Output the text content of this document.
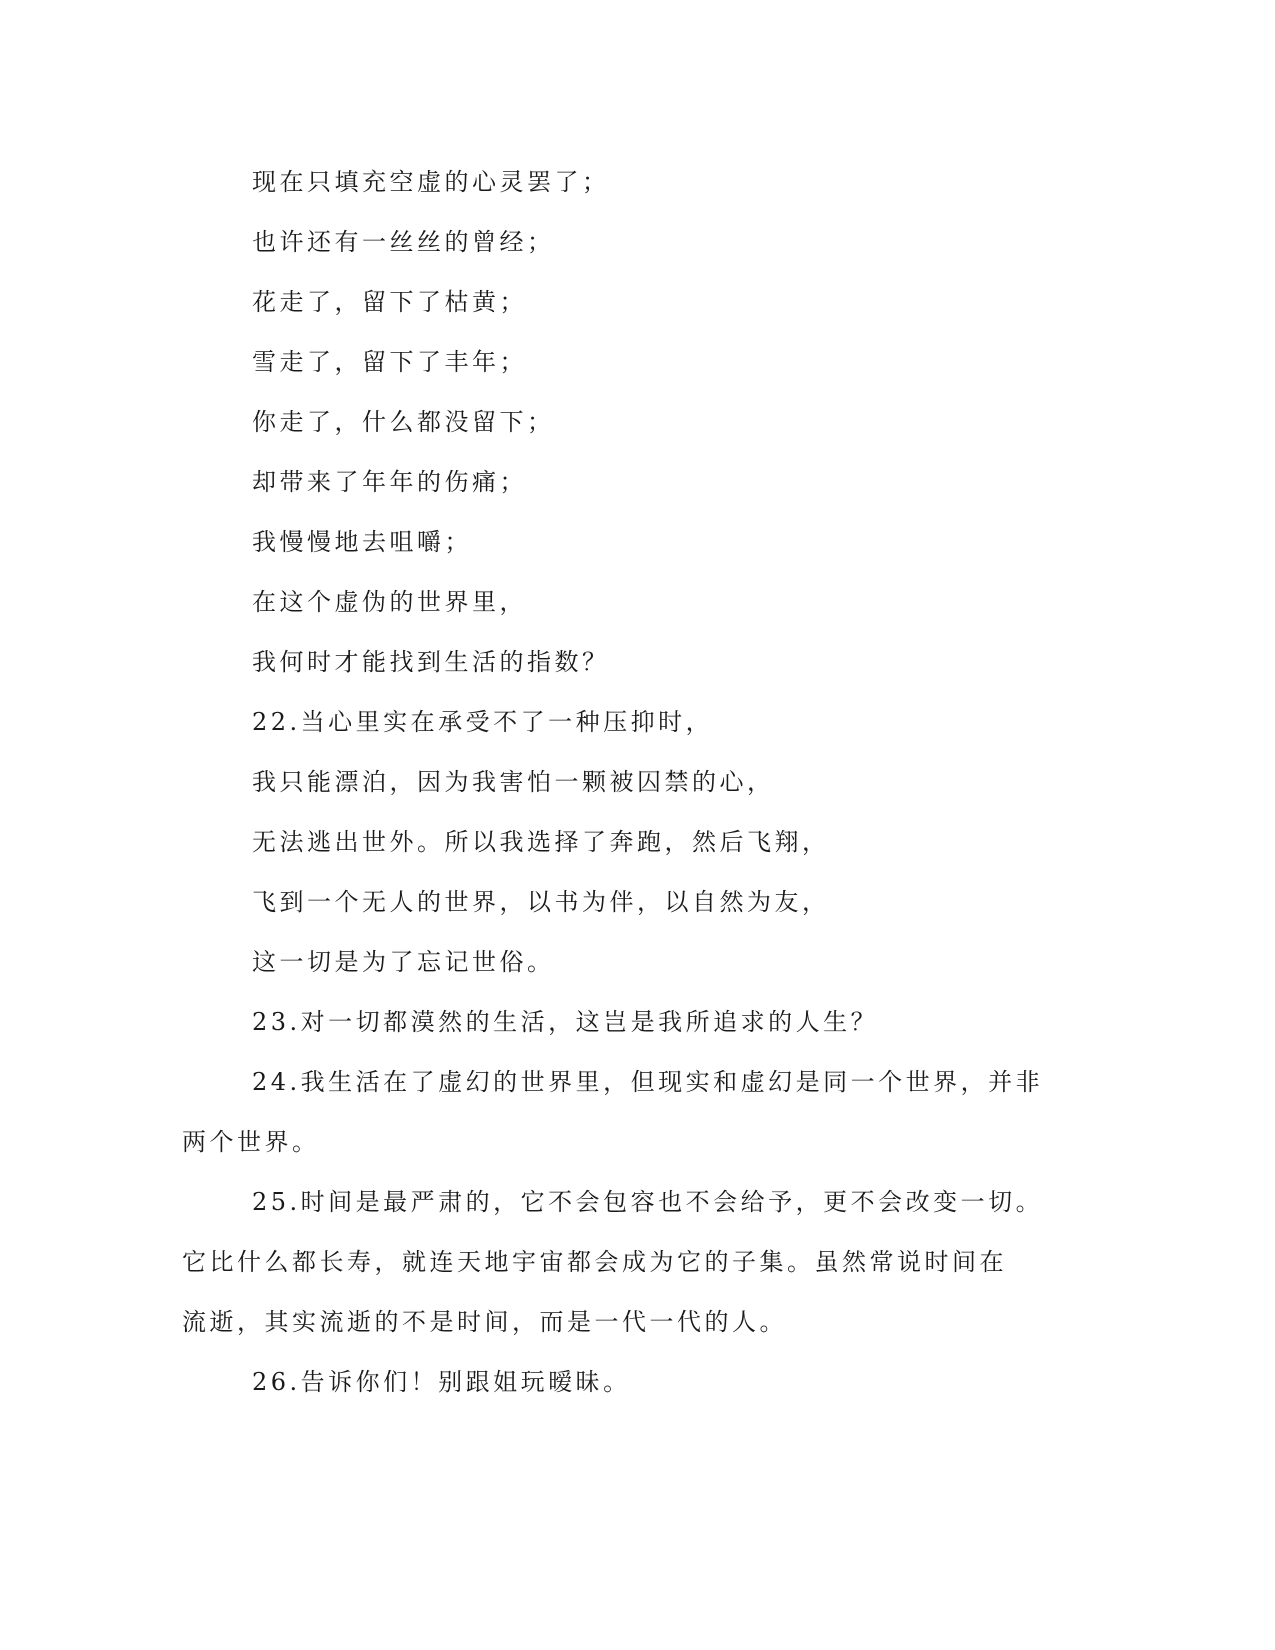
现在只填充空虚的心灵罢了；

也许还有一丝丝的曾经；

花走了，留下了枯黄；

雪走了，留下了丰年；

你走了，什么都没留下；

却带来了年年的伤痛；

我慢慢地去咀嚼；

在这个虚伪的世界里，

我何时才能找到生活的指数？

22.当心里实在承受不了一种压抑时，

我只能漂泊，因为我害怕一颗被囚禁的心，

无法逃出世外。所以我选择了奔跑，然后飞翔，

飞到一个无人的世界，以书为伴，以自然为友，

这一切是为了忘记世俗。

23.对一切都漠然的生活，这岂是我所追求的人生？

24.我生活在了虚幻的世界里，但现实和虚幻是同一个世界，并非

两个世界。

25.时间是最严肃的，它不会包容也不会给予，更不会改变一切。

它比什么都长寿，就连天地宇宙都会成为它的子集。虽然常说时间在

流逝，其实流逝的不是时间，而是一代一代的人。

26.告诉你们！别跟姐玩暧昧。
